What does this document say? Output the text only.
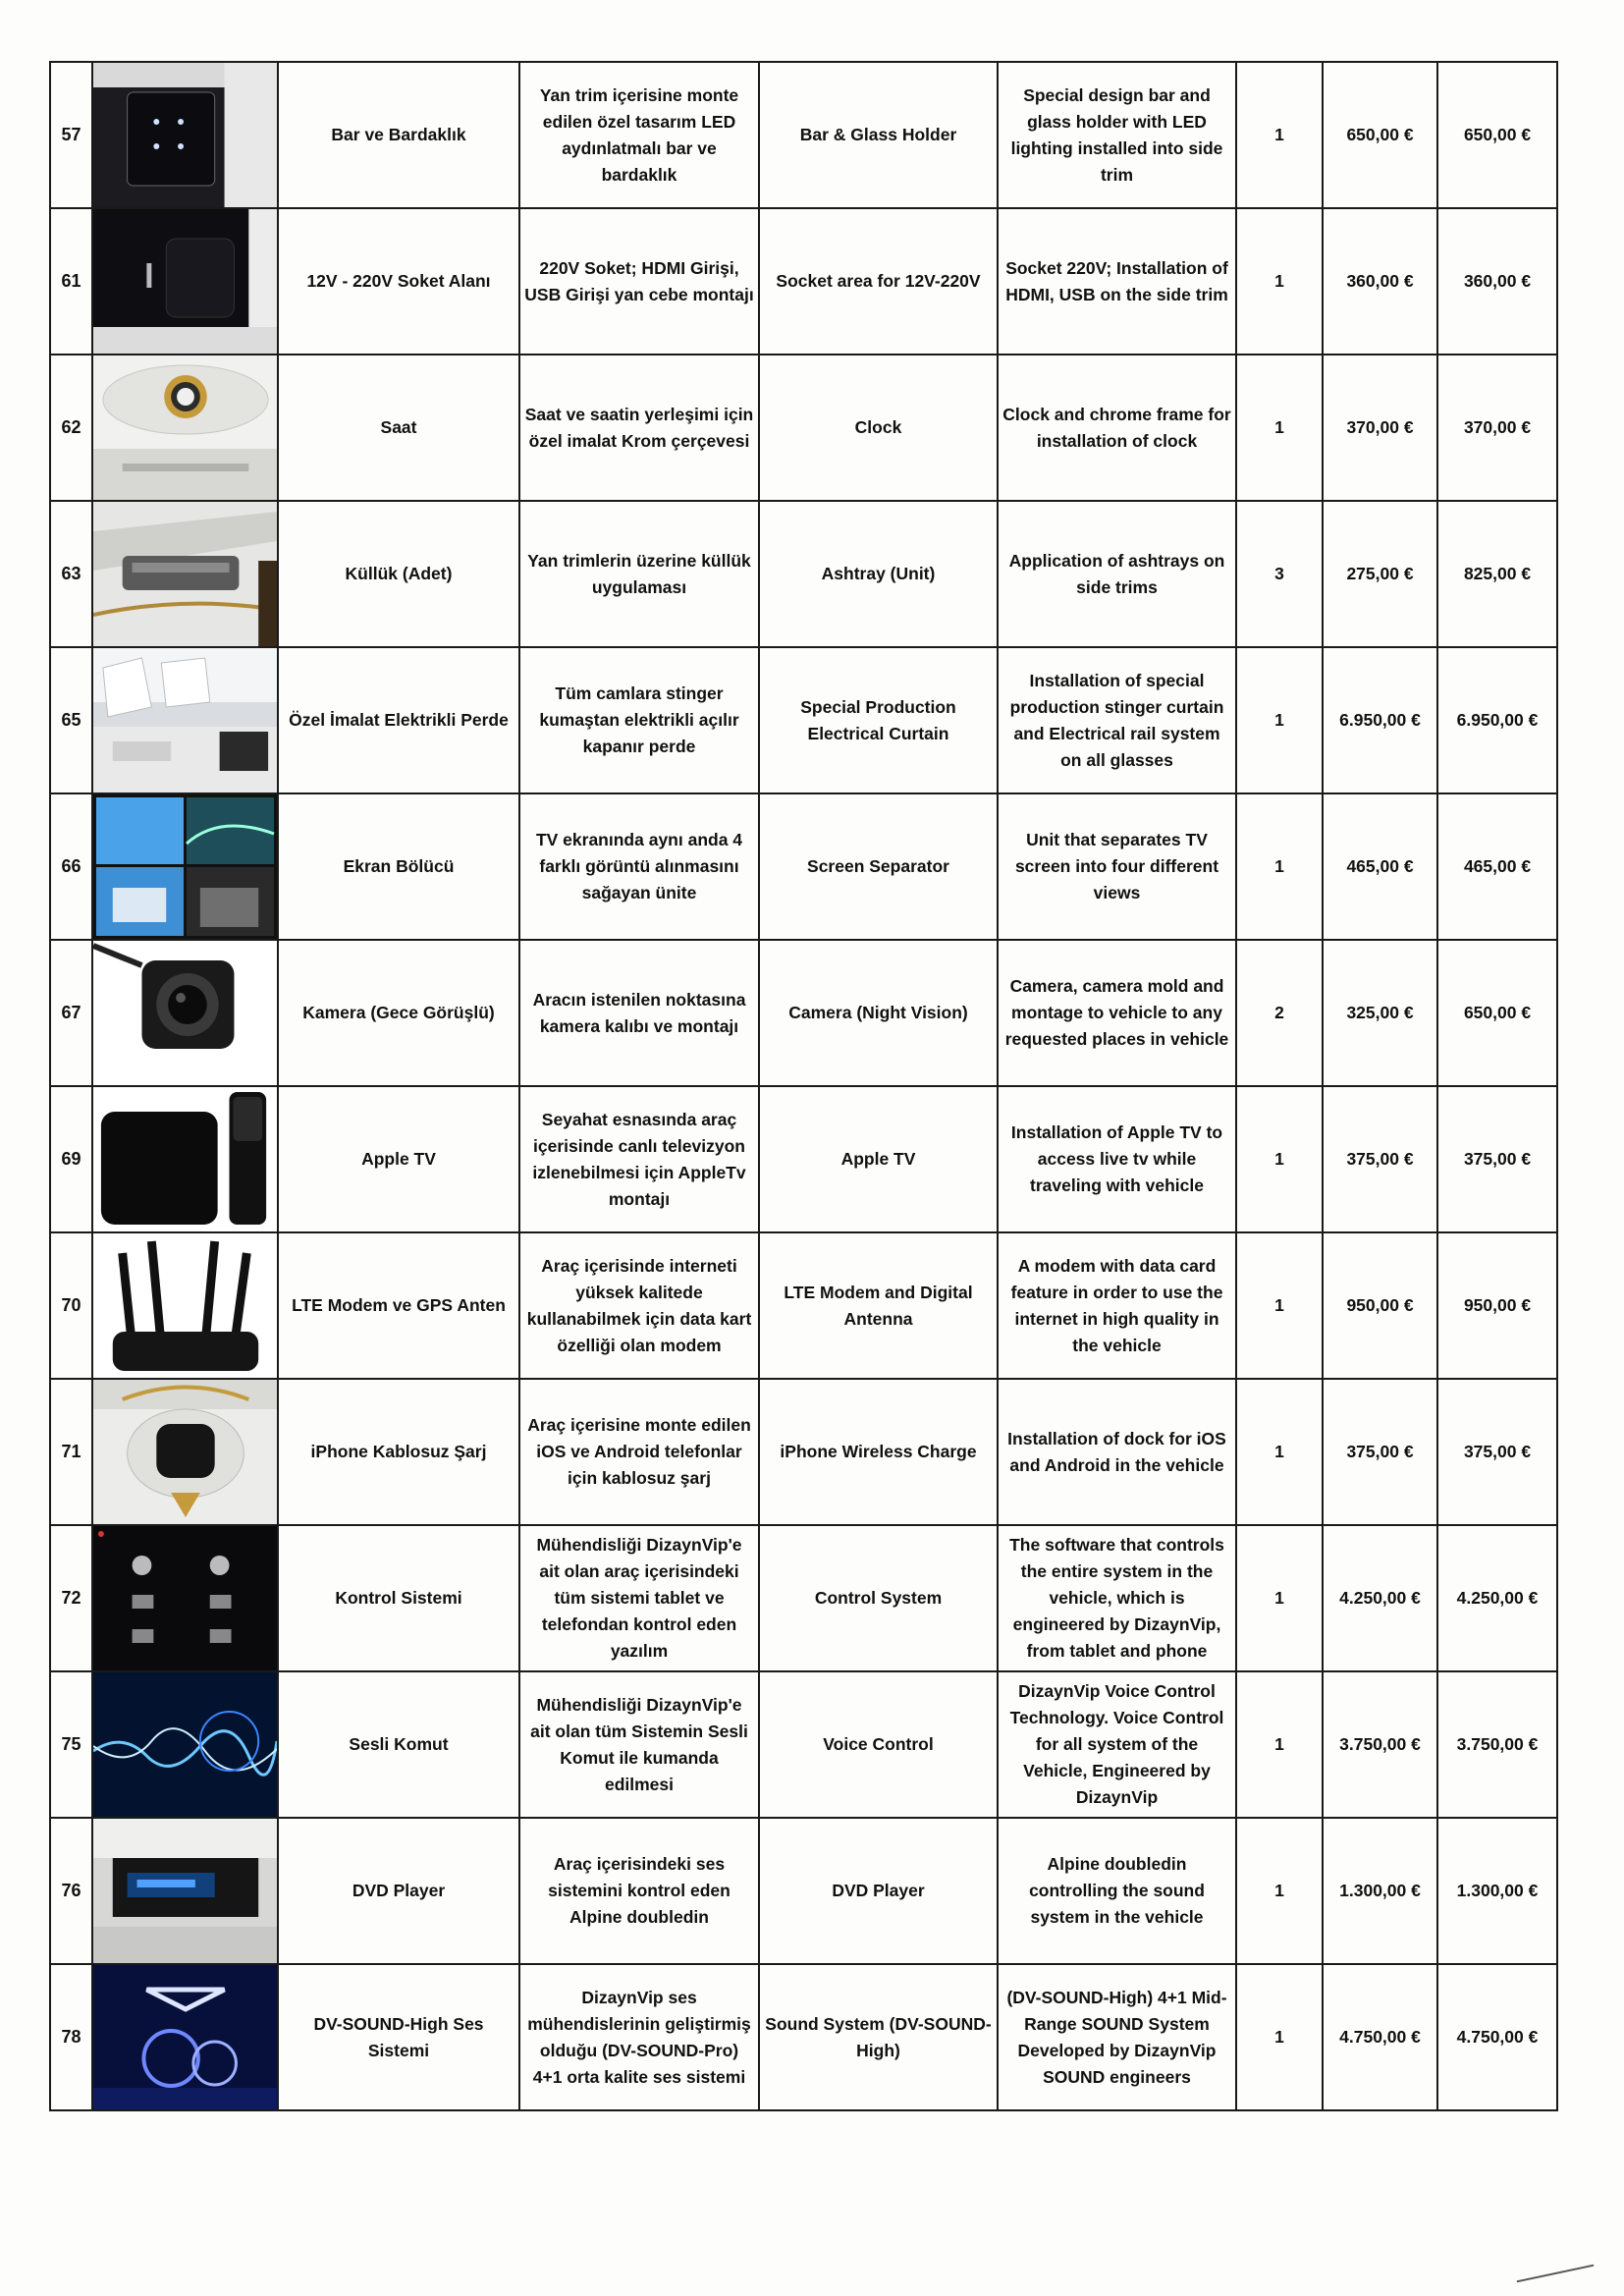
57		Bar ve Bardaklık	Yan trim içerisine monte edilen özel tasarım LED aydınlatmalı bar ve bardaklık	Bar & Glass Holder	Special design bar and glass holder with LED lighting installed into side trim	1	650,00 €	650,00 €
61		12V - 220V Soket Alanı	220V Soket; HDMI Girişi, USB Girişi yan cebe montajı	Socket area for 12V-220V	Socket 220V; Installation of HDMI, USB on the side trim	1	360,00 €	360,00 €
62		Saat	Saat ve saatin yerleşimi için özel imalat Krom çerçevesi	Clock	Clock and chrome frame for installation of clock	1	370,00 €	370,00 €
63		Küllük (Adet)	Yan trimlerin üzerine küllük uygulaması	Ashtray (Unit)	Application of ashtrays on side trims	3	275,00 €	825,00 €
65		Özel İmalat Elektrikli Perde	Tüm camlara stinger kumaştan elektrikli açılır kapanır perde	Special Production Electrical Curtain	Installation of special production stinger curtain and Electrical rail system on all glasses	1	6.950,00 €	6.950,00 €
66		Ekran Bölücü	TV ekranında aynı anda 4 farklı görüntü alınmasını sağayan ünite	Screen Separator	Unit that separates TV screen into four different views	1	465,00 €	465,00 €
67		Kamera (Gece Görüşlü)	Aracın istenilen noktasına kamera kalıbı ve montajı	Camera (Night Vision)	Camera, camera mold and montage to vehicle to any requested places in vehicle	2	325,00 €	650,00 €
69		Apple TV	Seyahat esnasında araç içerisinde canlı televizyon izlenebilmesi için AppleTv montajı	Apple TV	Installation of Apple TV to access live tv while traveling with vehicle	1	375,00 €	375,00 €
70		LTE Modem ve GPS Anten	Araç içerisinde interneti yüksek kalitede kullanabilmek için data kart özelliği olan modem	LTE Modem and Digital Antenna	A modem with data card feature in order to use the internet in high quality in the vehicle	1	950,00 €	950,00 €
71		iPhone Kablosuz Şarj	Araç içerisine monte edilen iOS ve Android telefonlar için kablosuz şarj	iPhone Wireless Charge	Installation of dock for iOS and Android in the vehicle	1	375,00 €	375,00 €
72		Kontrol Sistemi	Mühendisliği DizaynVip'e ait olan araç içerisindeki tüm sistemi tablet ve telefondan kontrol eden yazılım	Control System	The software that controls the entire system in the vehicle, which is engineered by DizaynVip, from tablet and phone	1	4.250,00 €	4.250,00 €
75		Sesli Komut	Mühendisliği DizaynVip'e ait olan tüm Sistemin Sesli Komut ile kumanda edilmesi	Voice Control	DizaynVip Voice Control Technology. Voice Control for all system of the Vehicle, Engineered by DizaynVip	1	3.750,00 €	3.750,00 €
76		DVD Player	Araç içerisindeki ses sistemini kontrol eden Alpine doubledin	DVD Player	Alpine doubledin controlling the sound system in the vehicle	1	1.300,00 €	1.300,00 €
78		DV-SOUND-High Ses Sistemi	DizaynVip ses mühendislerinin geliştirmiş olduğu (DV-SOUND-Pro) 4+1 orta kalite ses sistemi	Sound System (DV-SOUND-High)	(DV-SOUND-High) 4+1 Mid-Range SOUND System Developed by DizaynVip SOUND engineers	1	4.750,00 €	4.750,00 €
